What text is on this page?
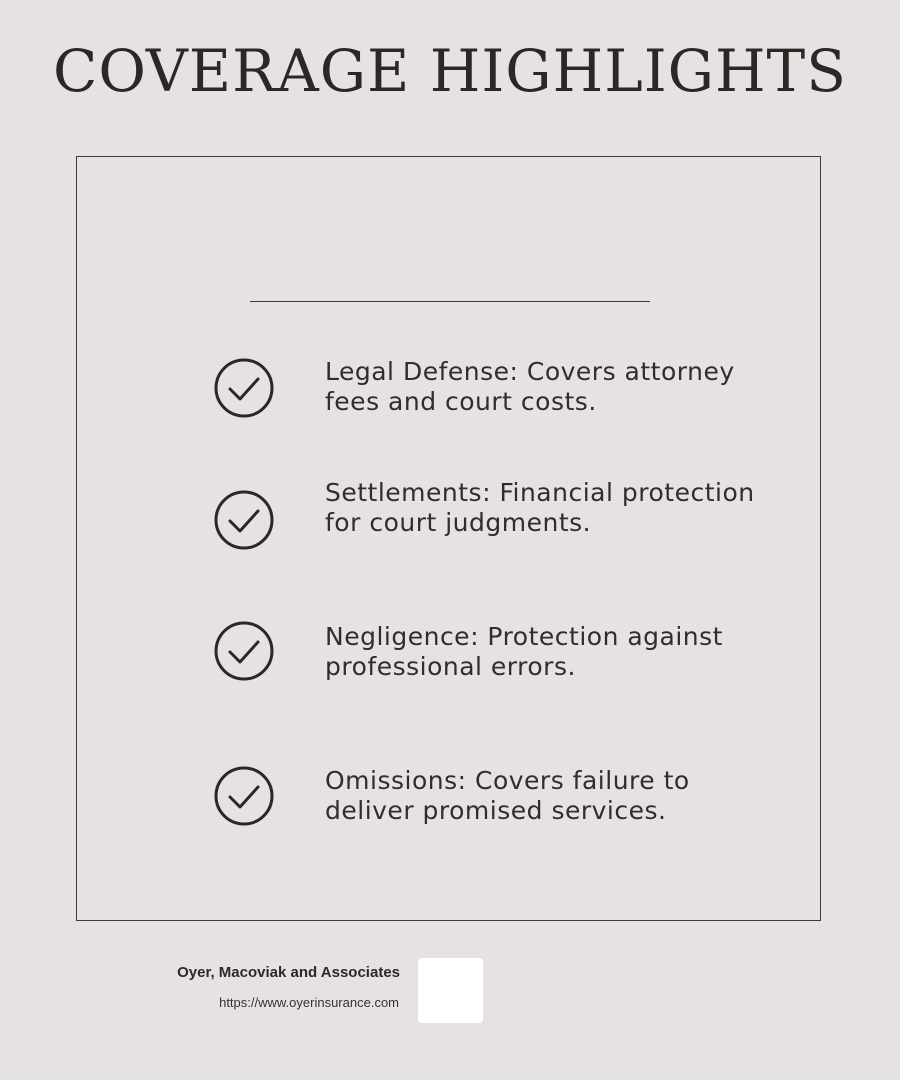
COVERAGE HIGHLIGHTS
Legal Defense: Covers attorney fees and court costs.
Settlements: Financial protection for court judgments.
Negligence: Protection against professional errors.
Omissions: Covers failure to deliver promised services.
Oyer, Macoviak and Associates
https://www.oyerinsurance.com
